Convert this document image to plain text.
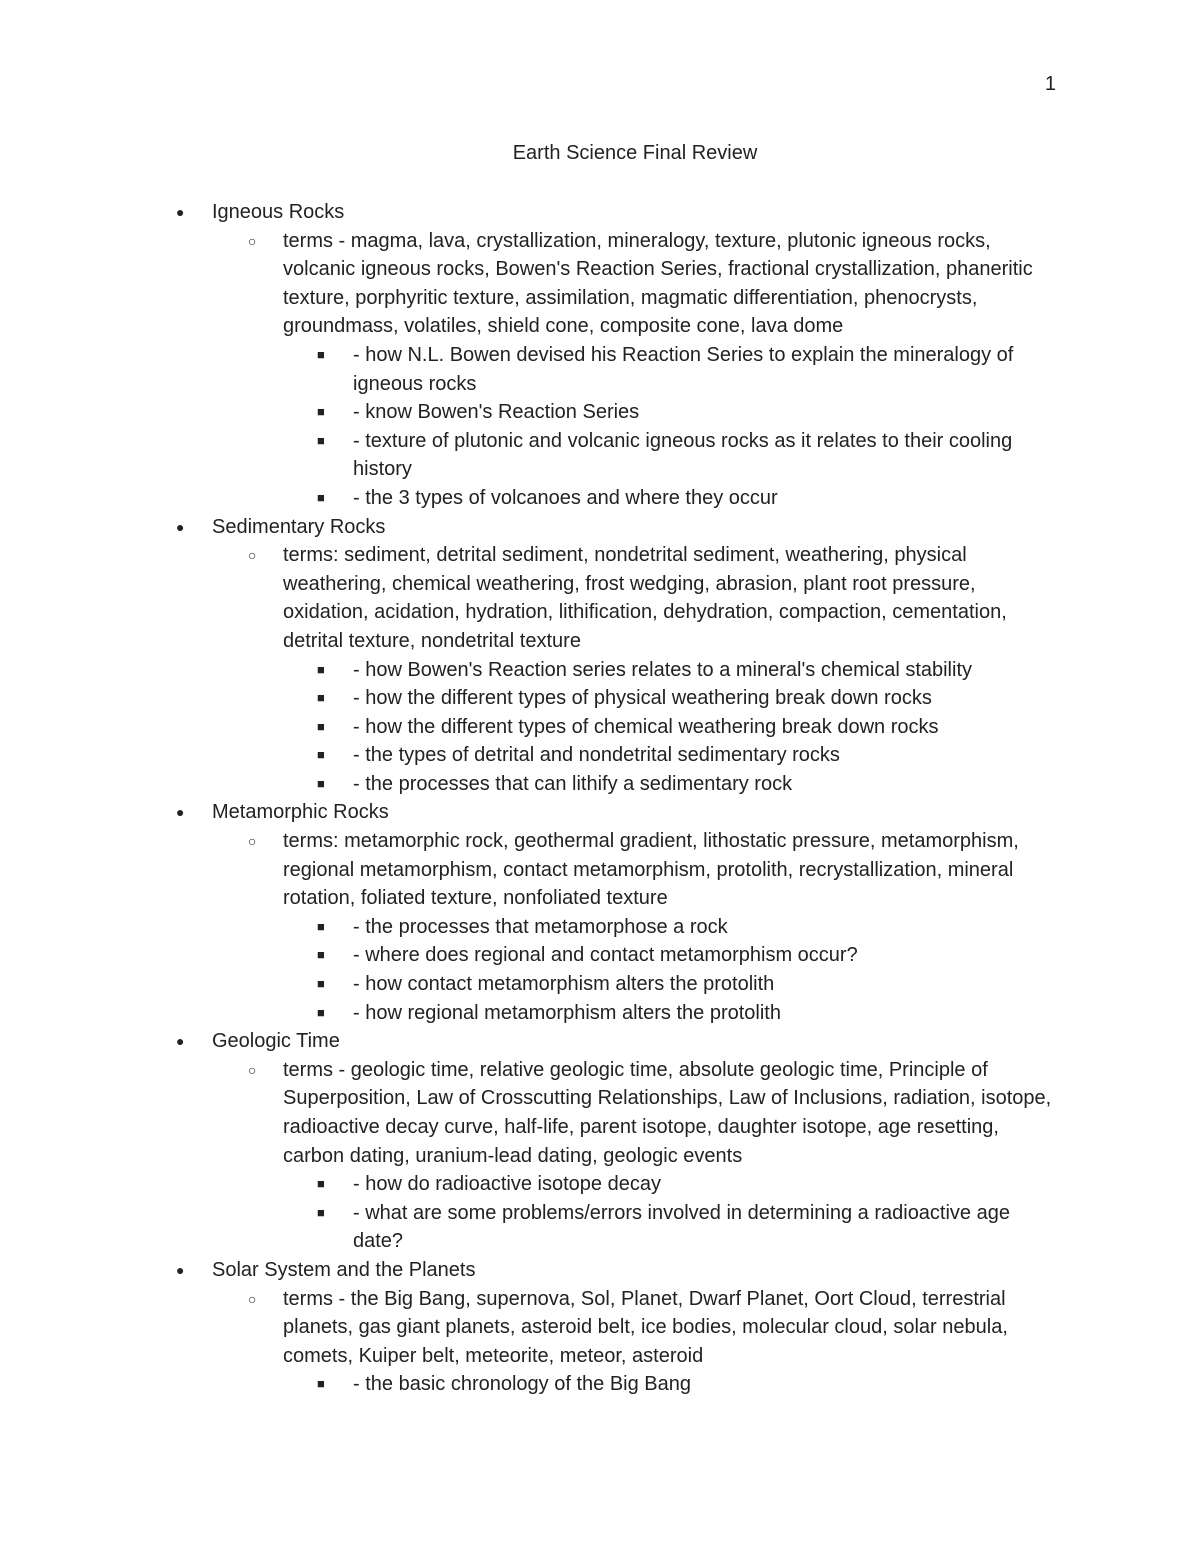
1
Earth Science Final Review
● Igneous Rocks
○ terms - magma, lava, crystallization, mineralogy, texture, plutonic igneous rocks, volcanic igneous rocks, Bowen's Reaction Series, fractional crystallization, phaneritic texture, porphyritic texture, assimilation, magmatic differentiation, phenocrysts, groundmass, volatiles, shield cone, composite cone, lava dome
■ - how N.L. Bowen devised his Reaction Series to explain the mineralogy of igneous rocks
■ - know Bowen's Reaction Series
■ - texture of plutonic and volcanic igneous rocks as it relates to their cooling history
■ - the 3 types of volcanoes and where they occur
● Sedimentary Rocks
○ terms: sediment, detrital sediment, nondetrital sediment, weathering, physical weathering, chemical weathering, frost wedging, abrasion, plant root pressure, oxidation, acidation, hydration, lithification, dehydration, compaction, cementation, detrital texture, nondetrital texture
■ - how Bowen's Reaction series relates to a mineral's chemical stability
■ - how the different types of physical weathering break down rocks
■ - how the different types of chemical weathering break down rocks
■ - the types of detrital and nondetrital sedimentary rocks
■ - the processes that can lithify a sedimentary rock
● Metamorphic Rocks
○ terms: metamorphic rock, geothermal gradient, lithostatic pressure, metamorphism, regional metamorphism, contact metamorphism, protolith, recrystallization, mineral rotation, foliated texture, nonfoliated texture
■ - the processes that metamorphose a rock
■ - where does regional and contact metamorphism occur?
■ - how contact metamorphism alters the protolith
■ - how regional metamorphism alters the protolith
● Geologic Time
○ terms - geologic time, relative geologic time, absolute geologic time, Principle of Superposition, Law of Crosscutting Relationships, Law of Inclusions, radiation, isotope, radioactive decay curve, half-life, parent isotope, daughter isotope, age resetting, carbon dating, uranium-lead dating, geologic events
■ - how do radioactive isotope decay
■ - what are some problems/errors involved in determining a radioactive age date?
● Solar System and the Planets
○ terms - the Big Bang, supernova, Sol, Planet, Dwarf Planet, Oort Cloud, terrestrial planets, gas giant planets, asteroid belt, ice bodies, molecular cloud, solar nebula, comets, Kuiper belt, meteorite, meteor, asteroid
■ - the basic chronology of the Big Bang
